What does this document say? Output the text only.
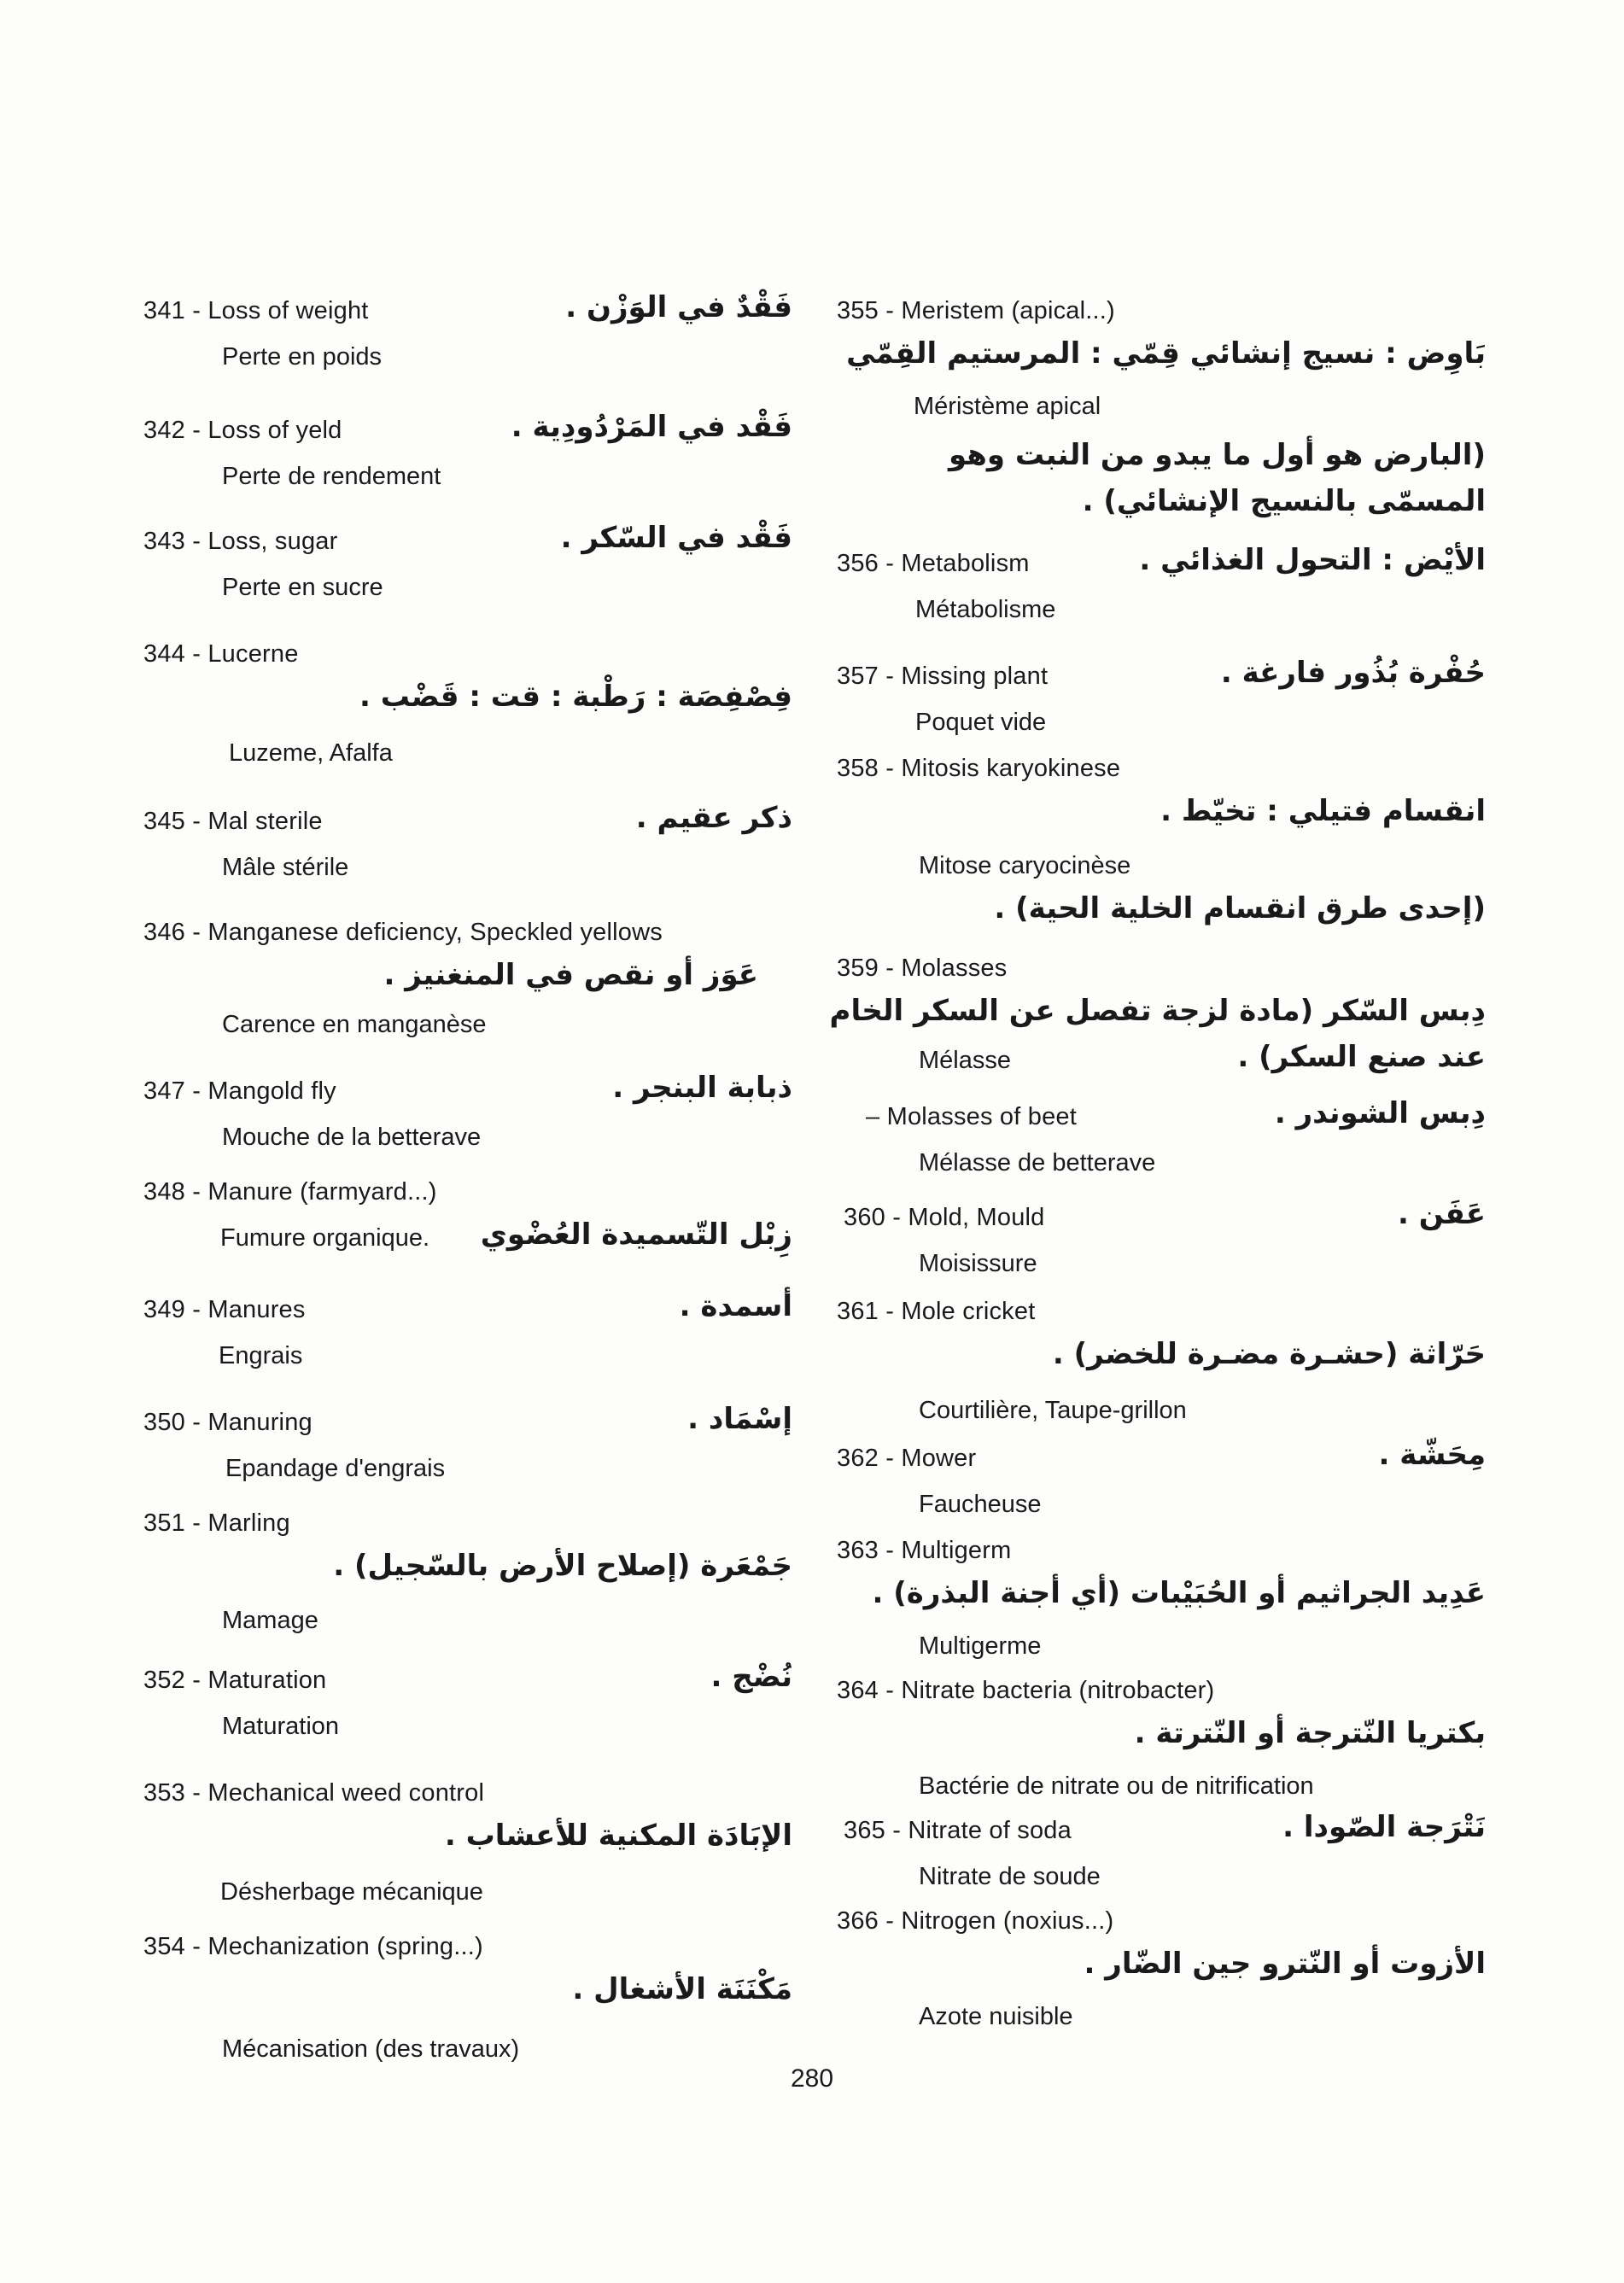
341 - Loss of weight	فَقْدٌ في الوَزْن .
Perte en poids
342 - Loss of yeld	فَقْد في المَرْدُودِية .
Perte de rendement
343 - Loss, sugar	فَقْد في السّكر .
Perte en sucre
344 - Lucerne
فِصْفِصَة : رَطْبة : قت : قَضْب .
Luzeme, Afalfa
345 - Mal sterile	ذكر عقيم .
Mâle stérile
346 - Manganese deficiency, Speckled yellows
عَوَز أو نقص في المنغنيز .
Carence en manganèse
347 - Mangold fly	ذبابة البنجر .
Mouche de la betterave
348 - Manure (farmyard...)
Fumure organique. زِبْل التّسميدة العُضْوي
349 - Manures	أسمدة .
Engrais
350 - Manuring	إسْمَاد .
Epandage d'engrais
351 - Marling
جَمْعَرة (إصلاح الأرض بالسّجيل) .
Mamage
352 - Maturation	نُضْج .
Maturation
353 - Mechanical weed control
الإبَادَة المكنية للأعشاب .
Désherbage mécanique
354 - Mechanization (spring...)
مَكْنَنَة الأشغال .
Mécanisation (des travaux)
355 - Meristem (apical...)
بَاوِض : نسيج إنشائي قِمّي : المرستيم القِمّي
Méristème apical
(البارض هو أول ما يبدو من النبت وهو المسمّى بالنسيج الإنشائي) .
356 - Metabolism	الأيْض : التحول الغذائي .
Métabolisme
357 - Missing plant	حُفْرة بُذُور فارغة .
Poquet vide
358 - Mitosis karyokinese
انقسام فتيلي : تخيّط .
Mitose caryocinèse
(إحدى طرق انقسام الخلية الحية) .
359 - Molasses
دِبس السّكر (مادة لزجة تفصل عن السكر الخام
Mélasse	عند صنع السكر) .
– Molasses of beet	دِبس الشوندر .
Mélasse de betterave
360 - Mold, Mould	عَفَن .
Moisissure
361 - Mole cricket
حَرّاثة (حشـرة مضـرة للخضر) .
Courtilière, Taupe-grillon
362 - Mower	مِحَشّة .
Faucheuse
363 - Multigerm
عَدِيد الجراثيم أو الحُبَيْبات (أي أجنة البذرة) .
Multigerme
364 - Nitrate bacteria (nitrobacter)
بكتريا النّترجة أو النّترتة .
Bactérie de nitrate ou de nitrification
365 - Nitrate of soda	نَتْرَجة الصّودا .
Nitrate de soude
366 - Nitrogen (noxius...)
الأزوت أو النّترو جين الضّار .
Azote nuisible
280
